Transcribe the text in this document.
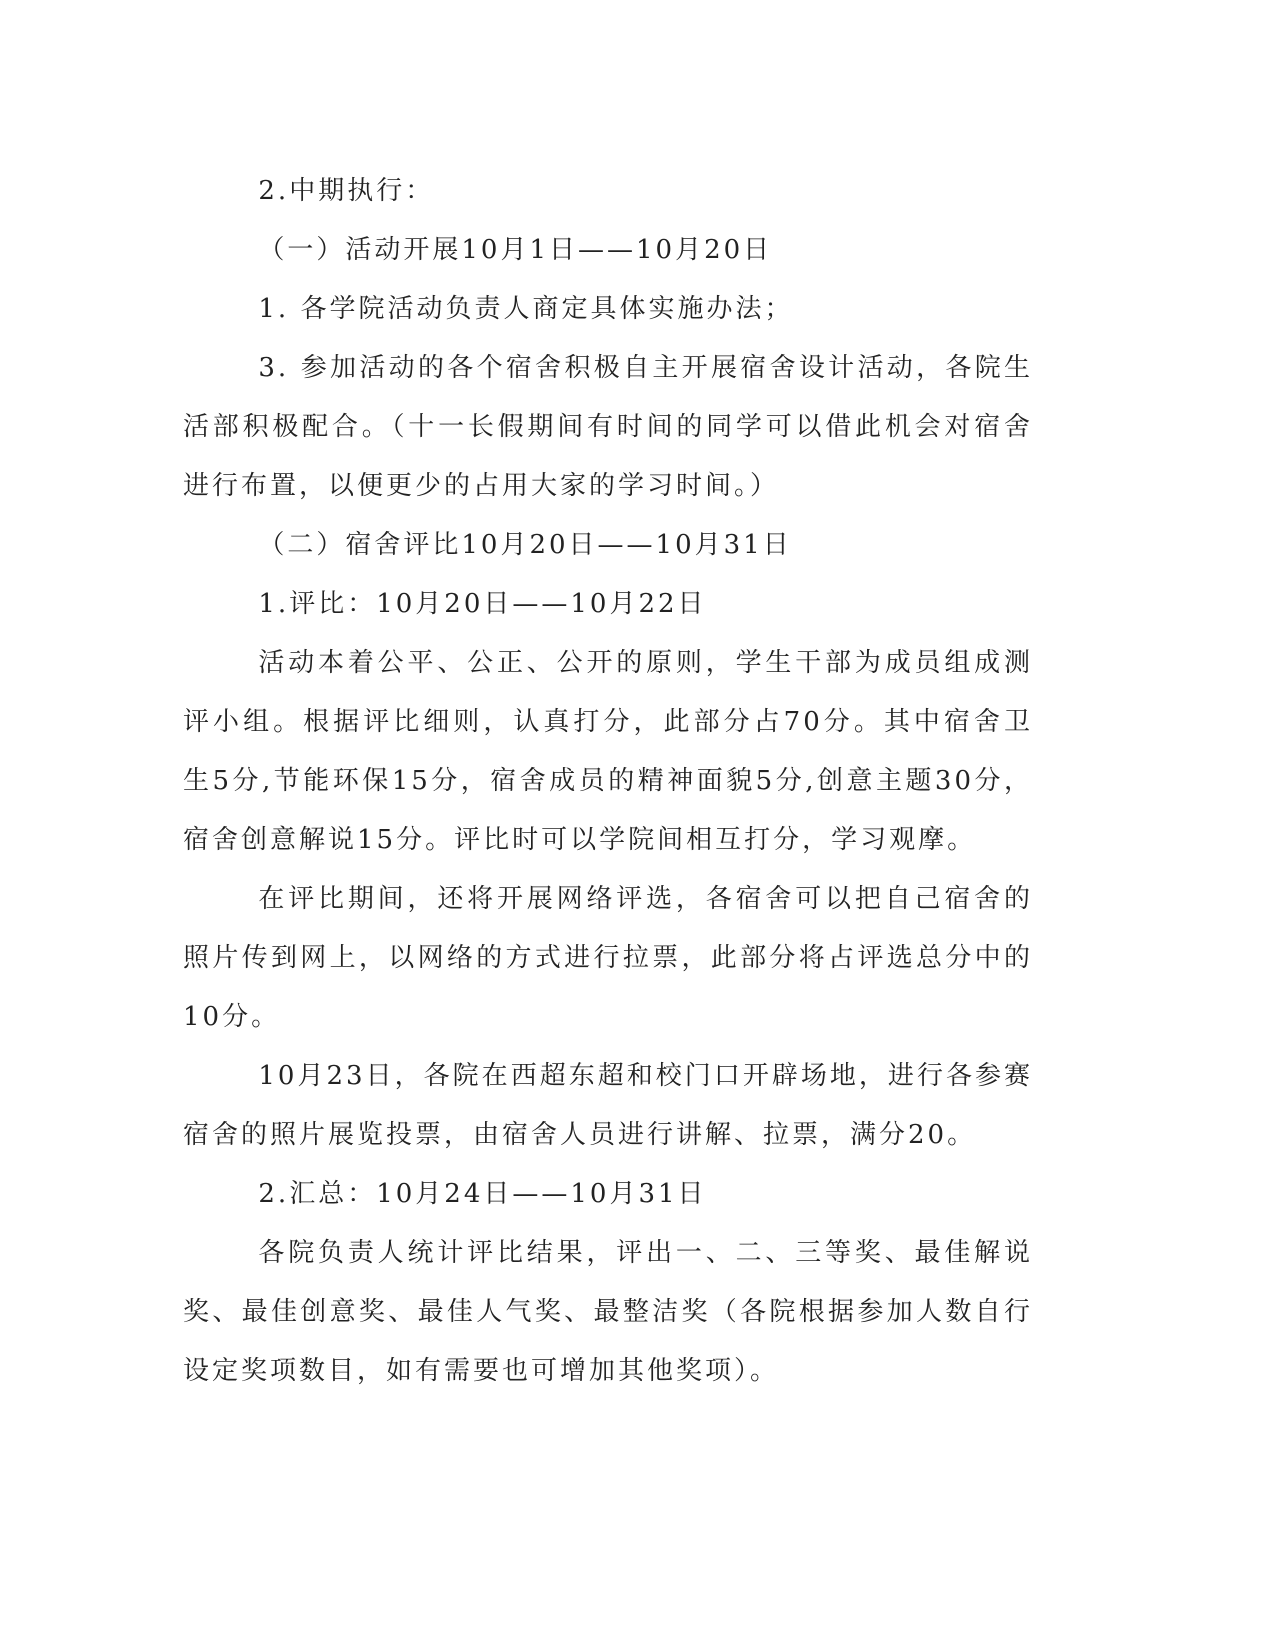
2.中期执行：

（一）活动开展10月1日——10月20日

1. 各学院活动负责人商定具体实施办法；

3. 参加活动的各个宿舍积极自主开展宿舍设计活动，各院生活部积极配合。（十一长假期间有时间的同学可以借此机会对宿舍进行布置，以便更少的占用大家的学习时间。）

（二）宿舍评比10月20日——10月31日

1.评比：10月20日——10月22日

活动本着公平、公正、公开的原则，学生干部为成员组成测评小组。根据评比细则，认真打分，此部分占70分。其中宿舍卫生5分,节能环保15分，宿舍成员的精神面貌5分,创意主题30分，宿舍创意解说15分。评比时可以学院间相互打分，学习观摩。

在评比期间，还将开展网络评选，各宿舍可以把自己宿舍的照片传到网上，以网络的方式进行拉票，此部分将占评选总分中的10分。

10月23日，各院在西超东超和校门口开辟场地，进行各参赛宿舍的照片展览投票，由宿舍人员进行讲解、拉票，满分20。

2.汇总：10月24日——10月31日

各院负责人统计评比结果，评出一、二、三等奖、最佳解说奖、最佳创意奖、最佳人气奖、最整洁奖（各院根据参加人数自行设定奖项数目，如有需要也可增加其他奖项）。
